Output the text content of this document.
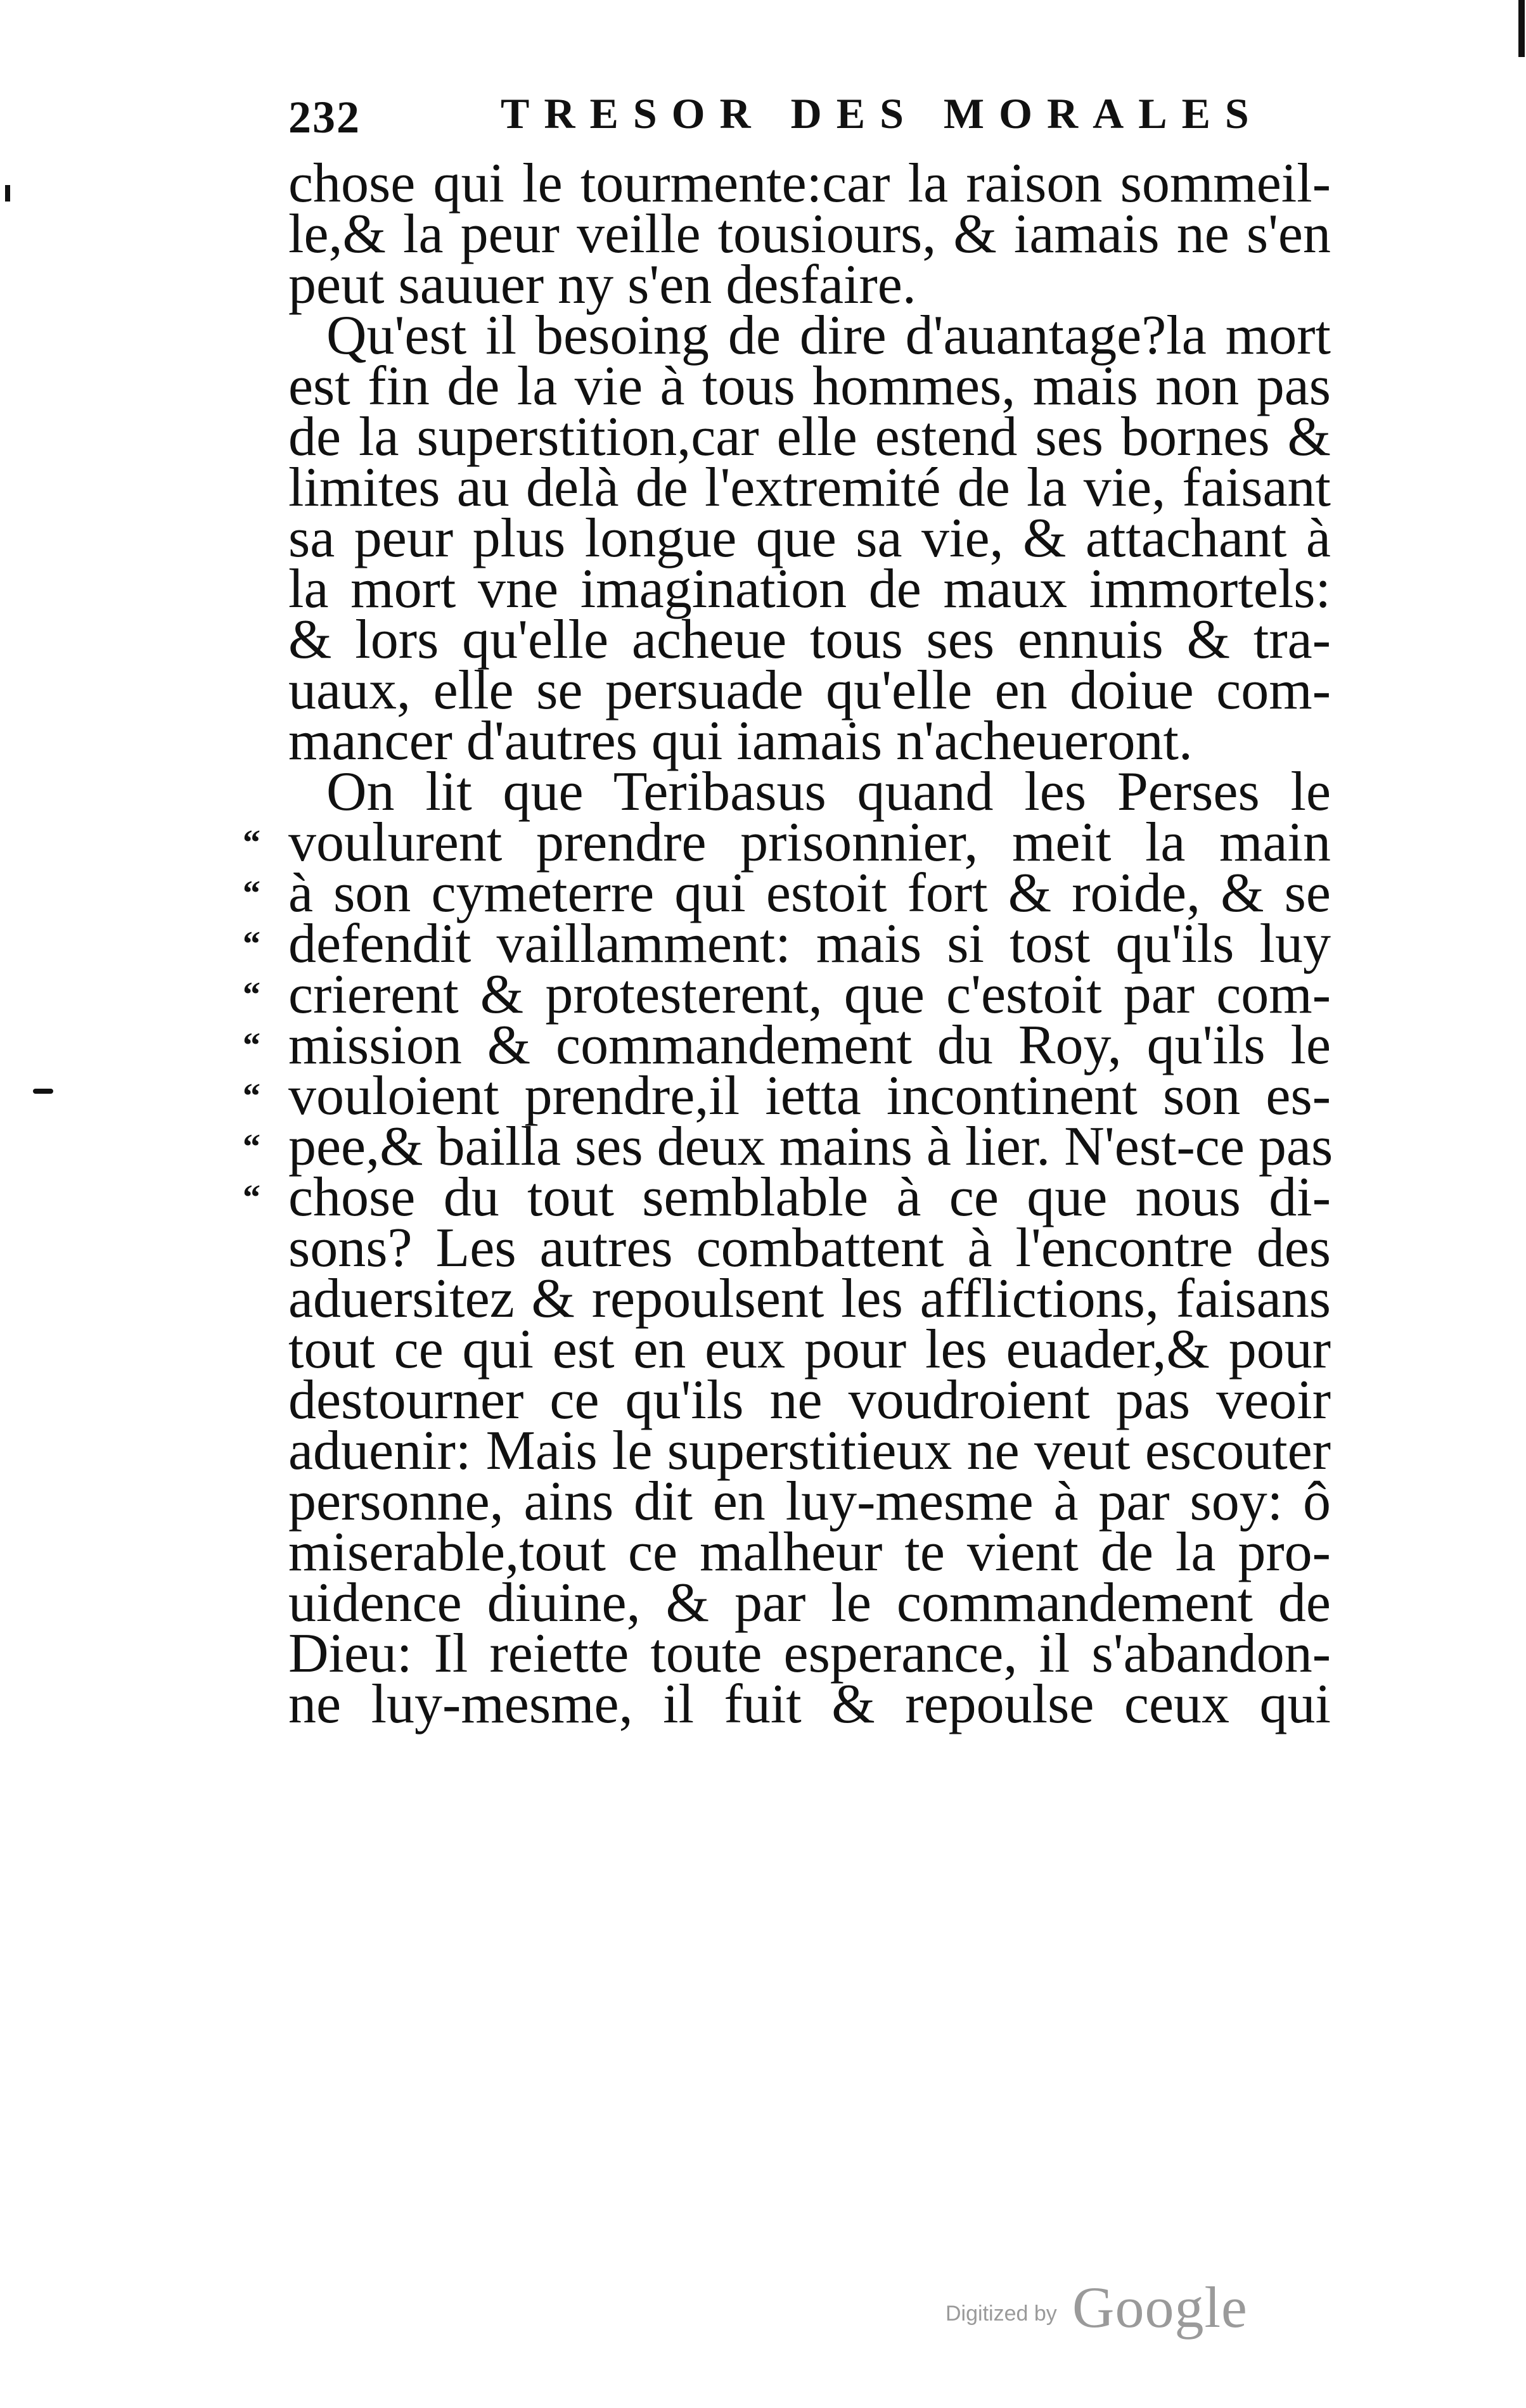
232	TRESOR DES MORALES
chose qui le tourmente:car la raison sommeil-
le,& la peur veille tousiours, & iamais ne s'en
peut sauuer ny s'en desfaire.
Qu'est il besoing de dire d'auantage?la mort
est fin de la vie à tous hommes, mais non pas
de la superstition,car elle estend ses bornes &
limites au delà de l'extremité de la vie, faisant
sa peur plus longue que sa vie, & attachant à
la mort vne imagination de maux immortels:
& lors qu'elle acheue tous ses ennuis & tra-
uaux, elle se persuade qu'elle en doiue com-
mancer d'autres qui iamais n'acheueront.
On lit que Teribasus quand les Perses le
“ voulurent prendre prisonnier, meit la main
“ à son cymeterre qui estoit fort & roide, & se
“ defendit vaillamment: mais si tost qu'ils luy
“ crierent & protesterent, que c'estoit par com-
“ mission & commandement du Roy, qu'ils le
“ vouloient prendre,il ietta incontinent son es-
“ pee,& bailla ses deux mains à lier. N'est-ce pas
“ chose du tout semblable à ce que nous di-
sons? Les autres combattent à l'encontre des
aduersitez & repoulsent les afflictions, faisans
tout ce qui est en eux pour les euader,& pour
destourner ce qu'ils ne voudroient pas veoir
aduenir: Mais le superstitieux ne veut escouter
personne, ains dit en luy-mesme à par soy: ô
miserable,tout ce malheur te vient de la pro-
uidence diuine, & par le commandement de
Dieu: Il reiette toute esperance, il s'abandon-
ne luy-mesme, il fuit & repoulse ceux qui
Digitized by Google
